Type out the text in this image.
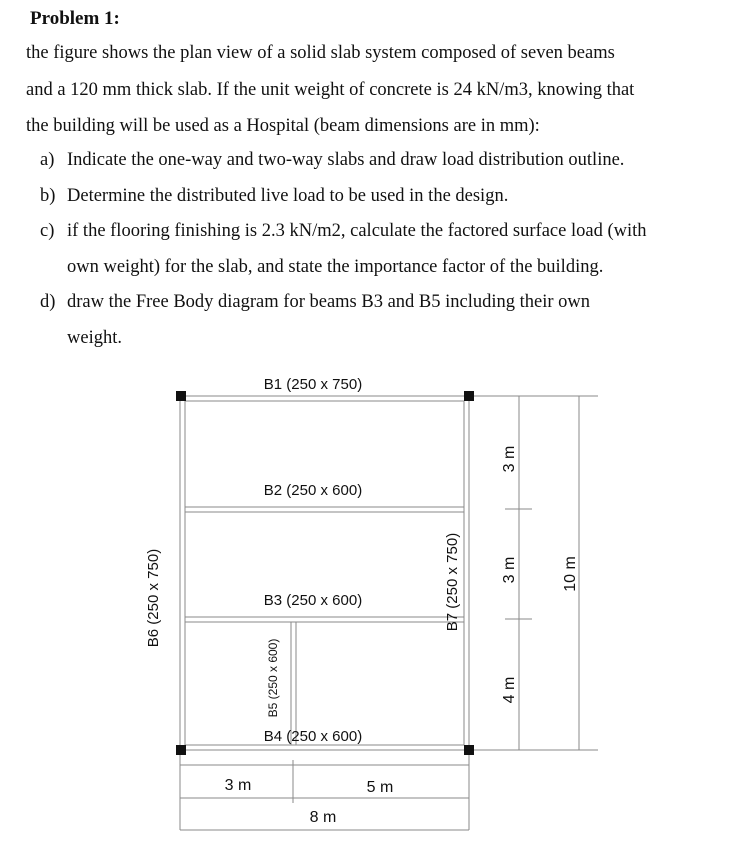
Problem 1:
the figure shows the plan view of a solid slab system composed of seven beams
and a 120 mm thick slab. If the unit weight of concrete is 24 kN/m3, knowing that
the building will be used as a Hospital (beam dimensions are in mm):
a) Indicate the one-way and two-way slabs and draw load distribution outline.
b) Determine the distributed live load to be used in the design.
c) if the flooring finishing is 2.3 kN/m2, calculate the factored surface load (with
own weight) for the slab, and state the importance factor of the building.
d) draw the Free Body diagram for beams B3 and B5 including their own
weight.
B1 (250 x 750)
B2 (250 x 600)
B3 (250 x 600)
B4 (250 x 600)
B5 (250 x 600)
B6 (250 x 750)	B7 (250 x 750)
3 m
3 m
4 m
10 m
3 m	5 m
8 m
